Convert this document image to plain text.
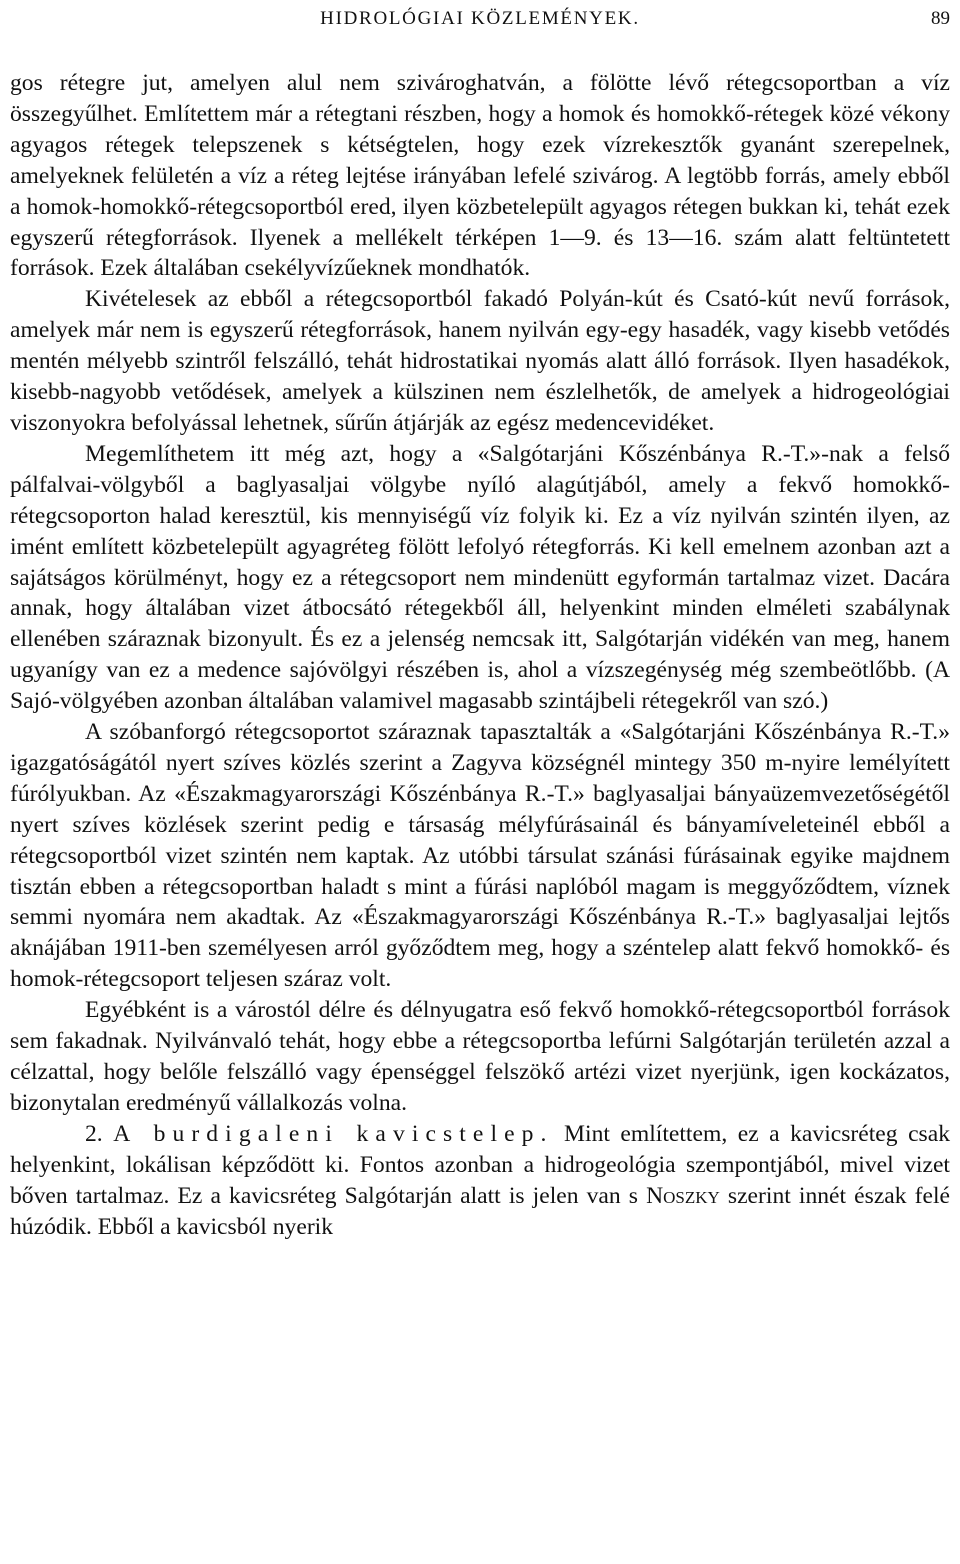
HIDROLÓGIAI KÖZLEMÉNYEK.	89

gos rétegre jut, amelyen alul nem szivároghatván, a fölötte lévő rétegcsoportban a víz összegyűlhet. Említettem már a rétegtani részben, hogy a homok és homokkő-rétegek közé vékony agyagos rétegek telepszenek s kétségtelen, hogy ezek vízrekesztők gyanánt szerepelnek, amelyeknek felületén a víz a réteg lejtése irányában lefelé szivárog. A legtöbb forrás, amely ebből a homok-homokkő-rétegcsoportból ered, ilyen közbetelepült agyagos rétegen bukkan ki, tehát ezek egyszerű rétegforrások. Ilyenek a mellékelt térképen 1—9. és 13—16. szám alatt feltüntetett források. Ezek általában csekélyvízűeknek mondhatók.

Kivételesek az ebből a rétegcsoportból fakadó Polyán-kút és Csató-kút nevű források, amelyek már nem is egyszerű rétegforrások, hanem nyilván egy-egy hasadék, vagy kisebb vetődés mentén mélyebb szintről felszálló, tehát hidrostatikai nyomás alatt álló források. Ilyen hasadékok, kisebb-nagyobb vetődések, amelyek a külszinen nem észlelhetők, de amelyek a hidrogeológiai viszonyokra befolyással lehetnek, sűrűn átjárják az egész medencevidéket.

Megemlíthetem itt még azt, hogy a «Salgótarjáni Kőszénbánya R.-T.»-nak a felső pálfalvai-völgyből a baglyasaljai völgybe nyíló alagútjából, amely a fekvő homokkő-rétegcsoporton halad keresztül, kis mennyiségű víz folyik ki. Ez a víz nyilván szintén ilyen, az imént említett közbetelepült agyagréteg fölött lefolyó rétegforrás. Ki kell emelnem azonban azt a sajátságos körülményt, hogy ez a rétegcsoport nem mindenütt egyformán tartalmaz vizet. Dacára annak, hogy általában vizet átbocsátó rétegekből áll, helyenkint minden elméleti szabálynak ellenében száraznak bizonyult. És ez a jelenség nemcsak itt, Salgótarján vidékén van meg, hanem ugyanígy van ez a medence sajóvölgyi részében is, ahol a vízszegénység még szembeötlőbb. (A Sajó-völgyében azonban általában valamivel magasabb szintájbeli rétegekről van szó.)

A szóbanforgó rétegcsoportot száraznak tapasztalták a «Salgótarjáni Kőszénbánya R.-T.» igazgatóságától nyert szíves közlés szerint a Zagyva községnél mintegy 350 m-nyire lemélyített fúrólyukban. Az «Északmagyarországi Kőszénbánya R.-T.» baglyasaljai bányaüzemvezetőségétől nyert szíves közlések szerint pedig e társaság mélyfúrásainál és bányamíveleteinél ebből a rétegcsoportból vizet szintén nem kaptak. Az utóbbi társulat szánási fúrásainak egyike majdnem tisztán ebben a rétegcsoportban haladt s mint a fúrási naplóból magam is meggyőződtem, víznek semmi nyomára nem akadtak. Az «Északmagyarországi Kőszénbánya R.-T.» baglyasaljai lejtős aknájában 1911-ben személyesen arról győződtem meg, hogy a széntelep alatt fekvő homokkő- és homok-rétegcsoport teljesen száraz volt.

Egyébként is a várostól délre és délnyugatra eső fekvő homokkő-rétegcsoportból források sem fakadnak. Nyilvánvaló tehát, hogy ebbe a rétegcsoportba lefúrni Salgótarján területén azzal a célzattal, hogy belőle felszálló vagy épenséggel felszökő artézi vizet nyerjünk, igen kockázatos, bizonytalan eredményű vállalkozás volna.

2. A burdigaleni kavicstelep. Mint említettem, ez a kavicsréteg csak helyenkint, lokálisan képződött ki. Fontos azonban a hidrogeológia szempontjából, mivel vizet bőven tartalmaz. Ez a kavicsréteg Salgótarján alatt is jelen van s Noszky szerint innét észak felé húzódik. Ebből a kavicsból nyerik
